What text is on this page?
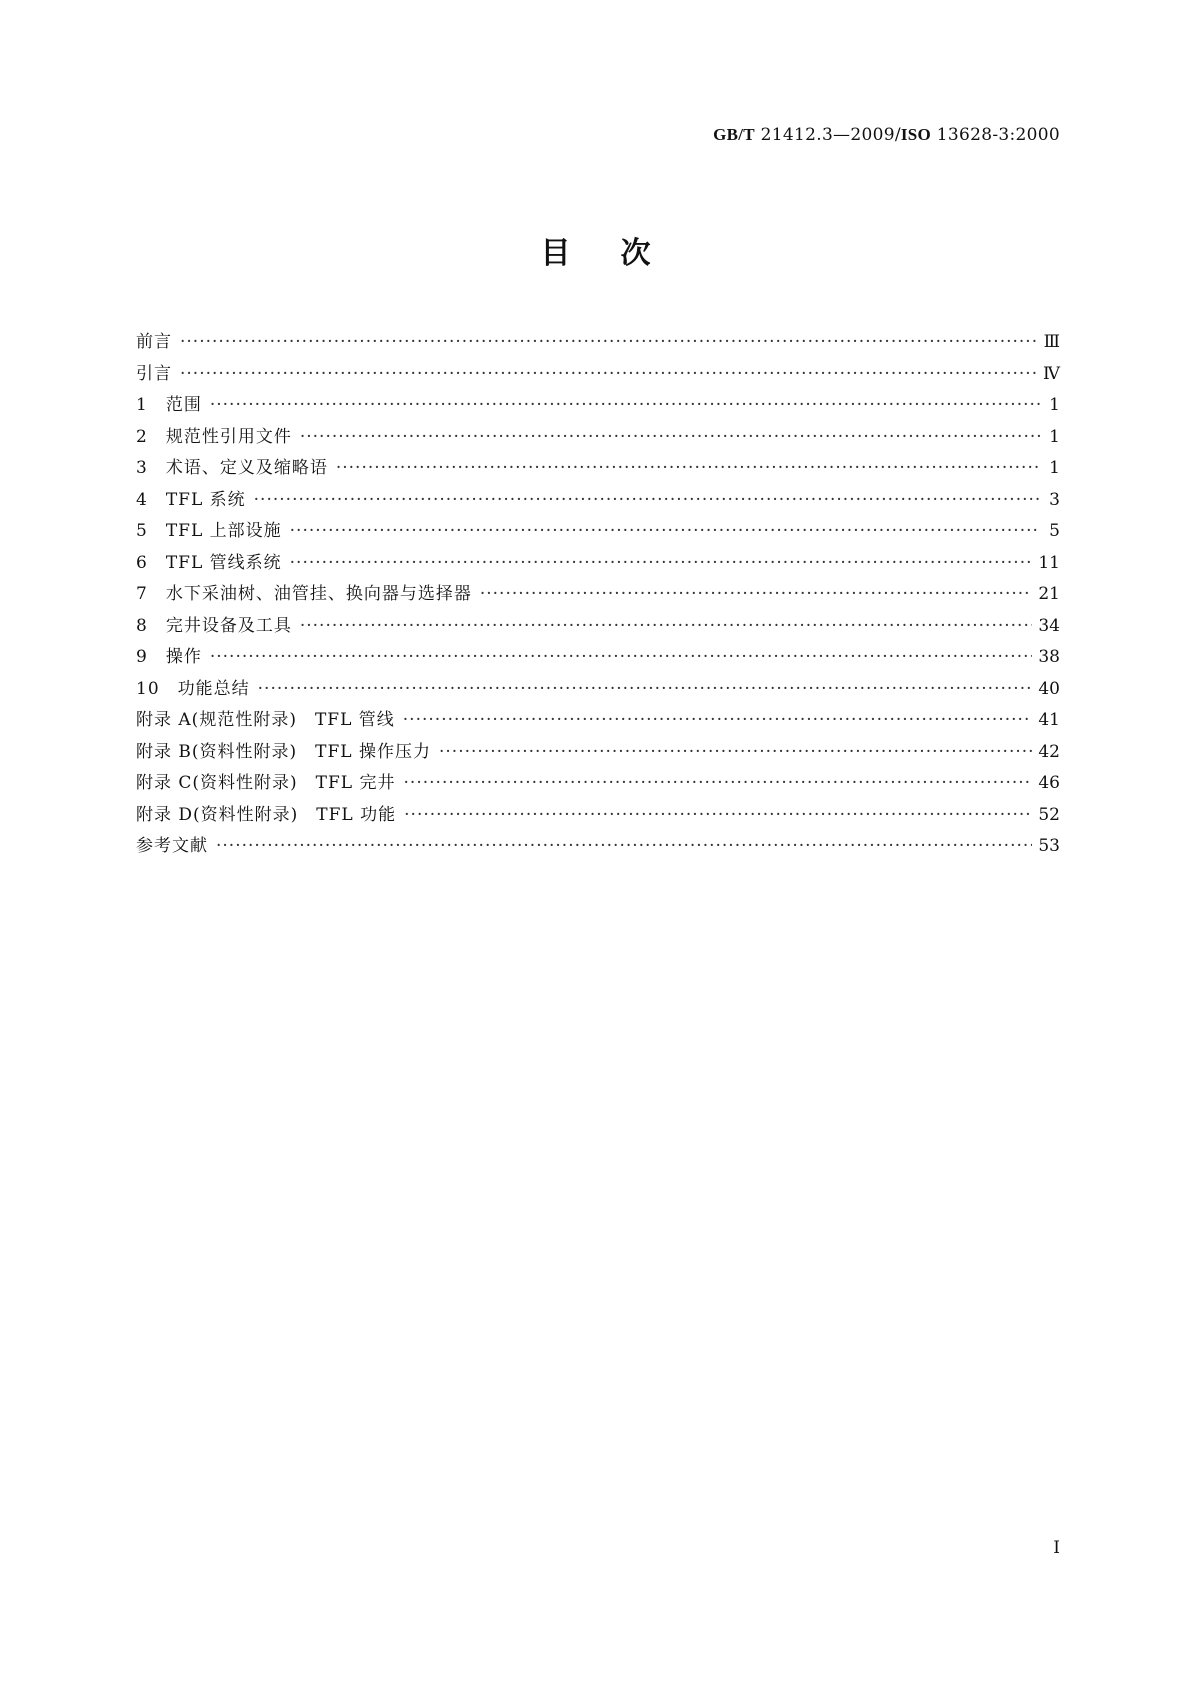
GB/T 21412.3—2009/ISO 13628-3:2000
目次
前言 ·····	Ⅲ
引言 ·····	Ⅳ
1　范围 ·····	1
2　规范性引用文件 ·····	1
3　术语、定义及缩略语 ·····	1
4　TFL 系统 ·····	3
5　TFL 上部设施 ·····	5
6　TFL 管线系统 ·····	11
7　水下采油树、油管挂、换向器与选择器 ·····	21
8　完井设备及工具 ·····	34
9　操作 ·····	38
10　功能总结 ·····	40
附录 A(规范性附录)　TFL 管线 ·····	41
附录 B(资料性附录)　TFL 操作压力 ·····	42
附录 C(资料性附录)　TFL 完井 ·····	46
附录 D(资料性附录)　TFL 功能 ·····	52
参考文献 ·····	53
Ⅰ
